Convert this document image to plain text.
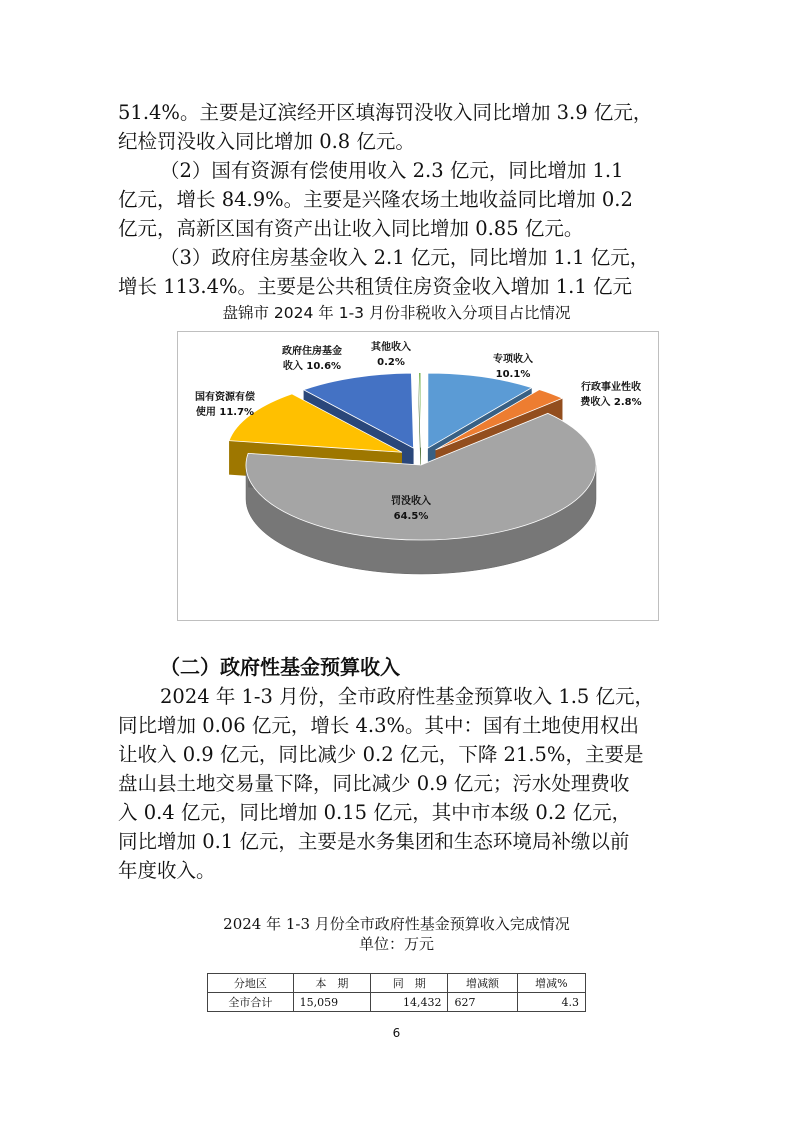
51.4%。主要是辽滨经开区填海罚没收入同比增加 3.9 亿元，
纪检罚没收入同比增加 0.8 亿元。
（2）国有资源有偿使用收入 2.3 亿元，同比增加 1.1
亿元，增长 84.9%。主要是兴隆农场土地收益同比增加 0.2
亿元，高新区国有资产出让收入同比增加 0.85 亿元。
（3）政府住房基金收入 2.1 亿元，同比增加 1.1 亿元，
增长 113.4%。主要是公共租赁住房资金收入增加 1.1 亿元
盘锦市 2024 年 1-3 月份非税收入分项目占比情况
专项收入
10.1%
行政事业性收
费收入 2.8%
罚没收入
64.5%
国有资源有偿
使用 11.7%
政府住房基金
收入 10.6%
其他收入
0.2%
（二）政府性基金预算收入
2024 年 1-3 月份，全市政府性基金预算收入 1.5 亿元，
同比增加 0.06 亿元，增长 4.3%。其中：国有土地使用权出
让收入 0.9 亿元，同比减少 0.2 亿元，下降 21.5%，主要是
盘山县土地交易量下降，同比减少 0.9 亿元；污水处理费收
入 0.4 亿元，同比增加 0.15 亿元，其中市本级 0.2 亿元，
同比增加 0.1 亿元，主要是水务集团和生态环境局补缴以前
年度收入。
2024 年 1-3 月份全市政府性基金预算收入完成情况
单位：万元
分地区	本　期	同　期	增减额	增减%
全市合计	15,059	14,432	627	4.3
6
